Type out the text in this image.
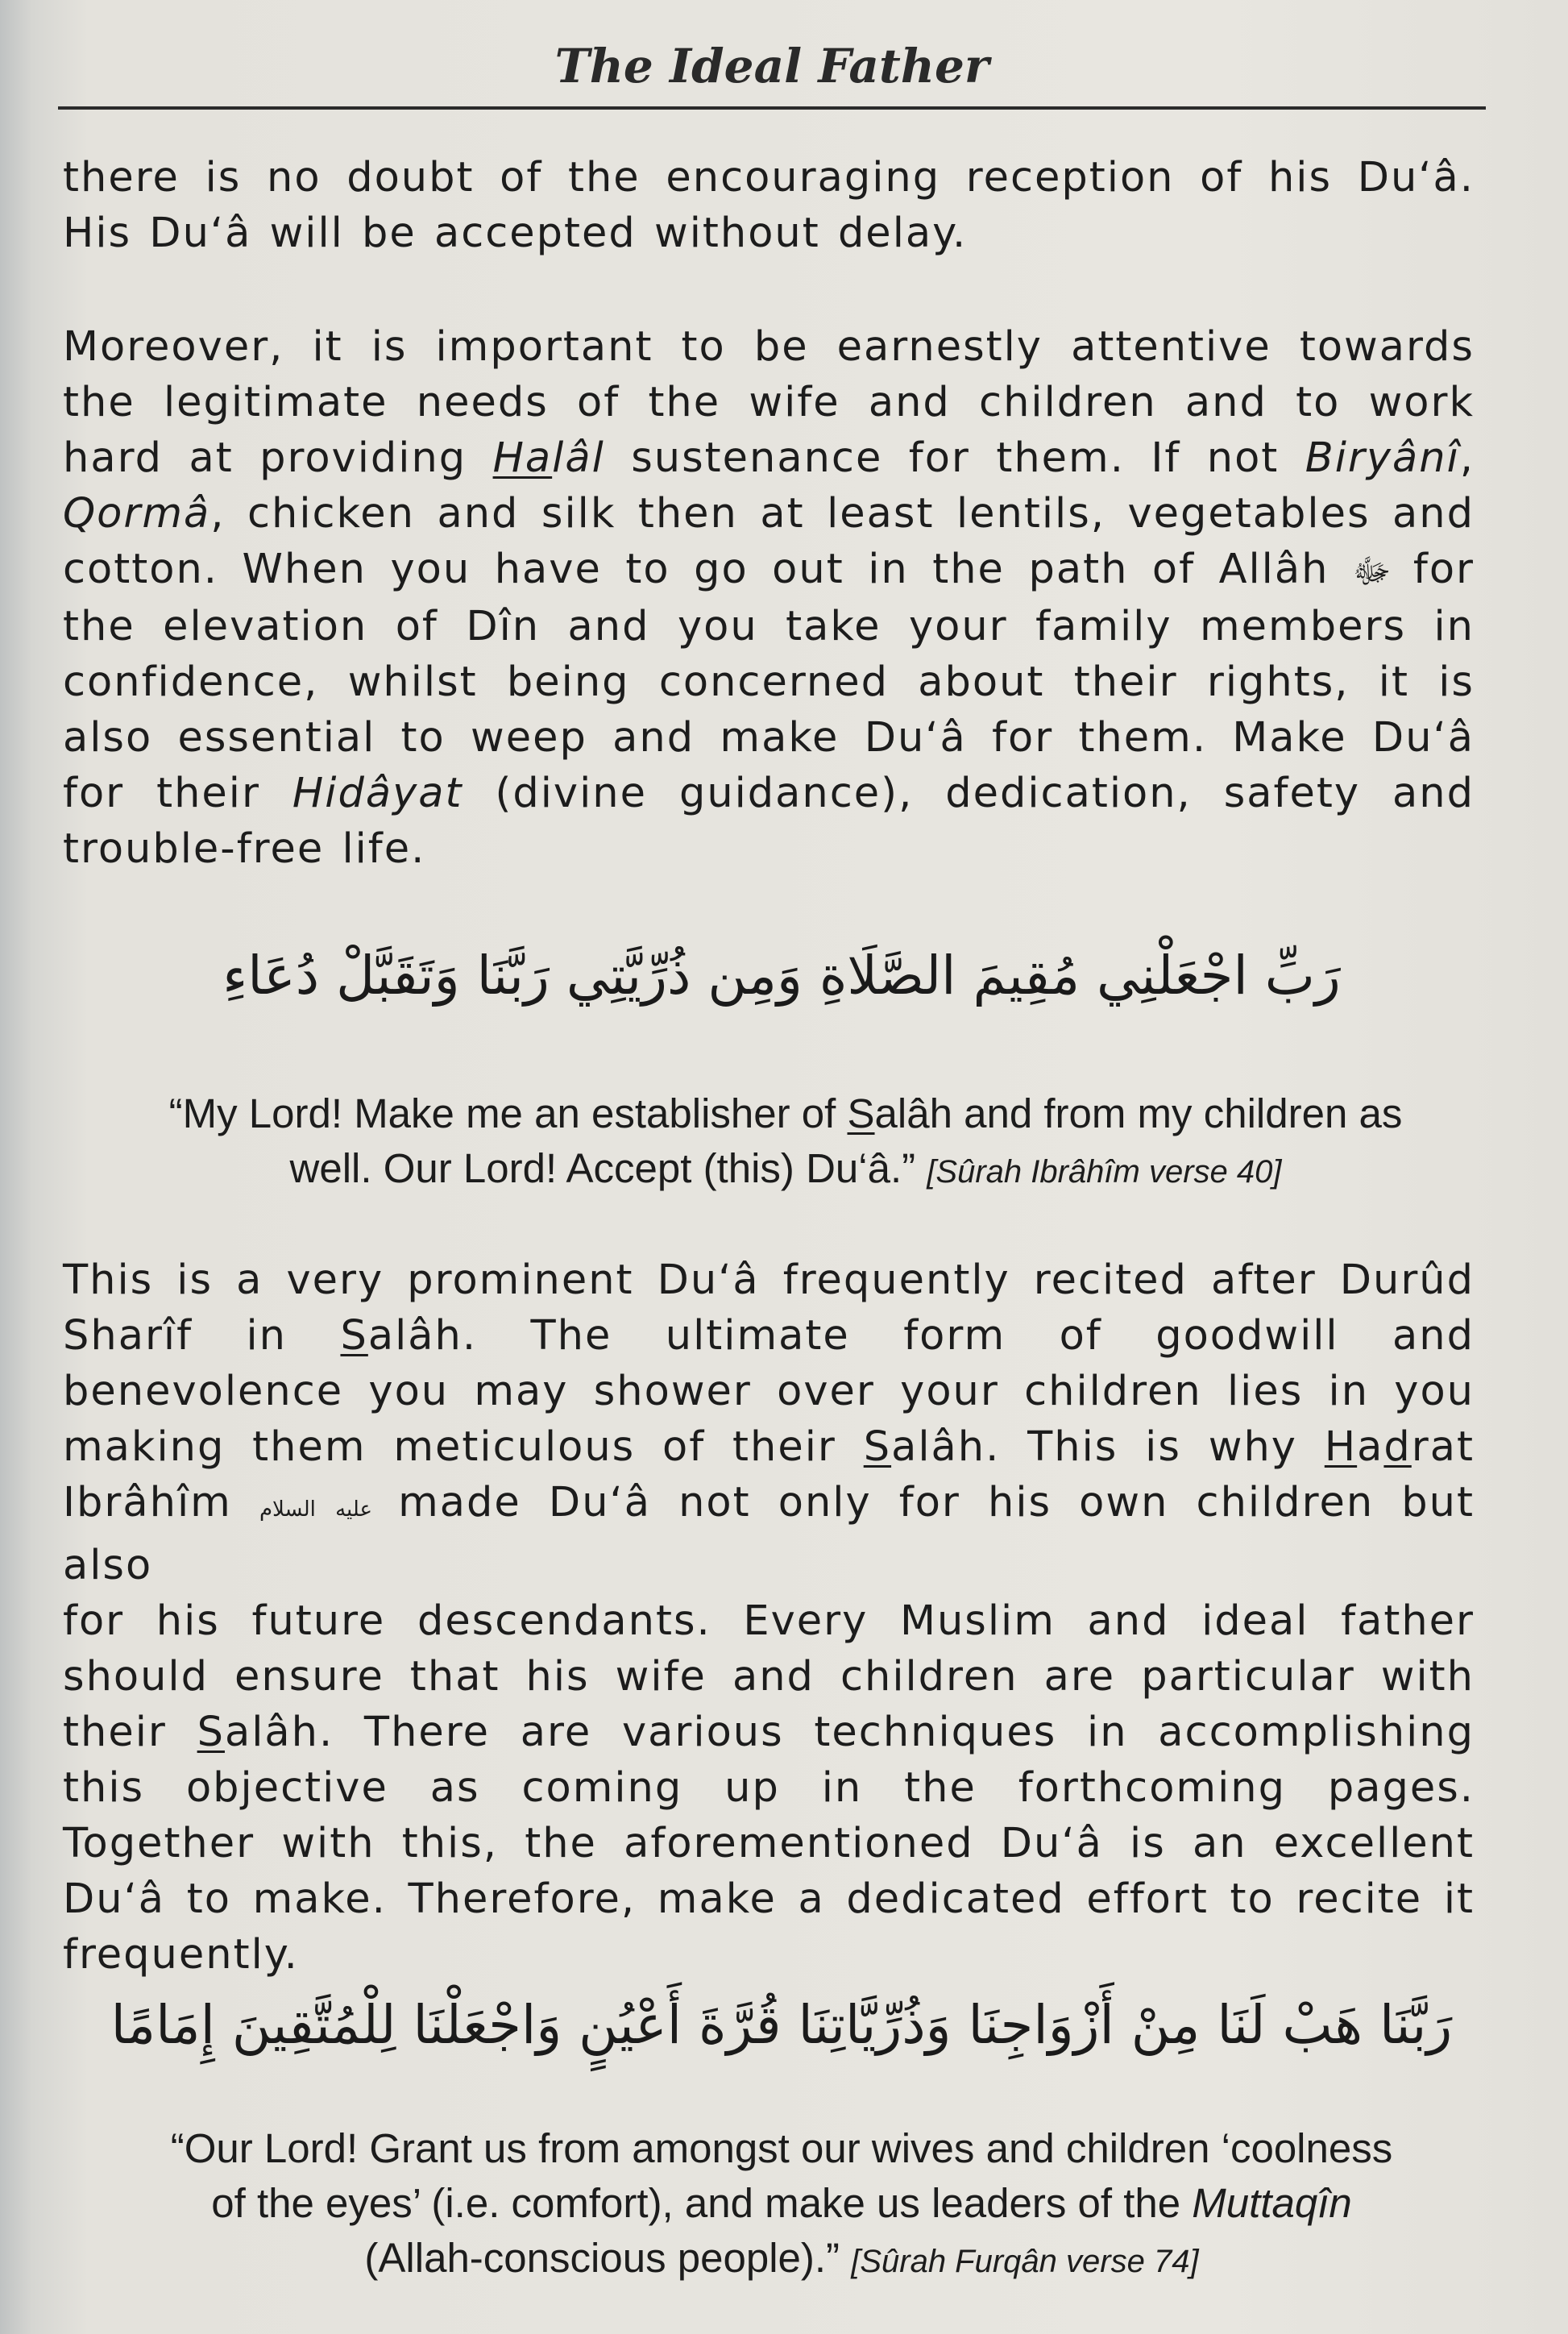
The Ideal Father
there is no doubt of the encouraging reception of his Du‘â.
His Du‘â will be accepted without delay.
Moreover, it is important to be earnestly attentive towards
the legitimate needs of the wife and children and to work
hard at providing Halâl sustenance for them. If not Biryânî,
Qormâ, chicken and silk then at least lentils, vegetables and
cotton. When you have to go out in the path of Allâh ﷻ for
the elevation of Dîn and you take your family members in
confidence, whilst being concerned about their rights, it is
also essential to weep and make Du‘â for them. Make Du‘â
for their Hidâyat (divine guidance), dedication, safety and
trouble-free life.
رَبِّ اجْعَلْنِي مُقِيمَ الصَّلَاةِ وَمِن ذُرِّيَّتِي رَبَّنَا وَتَقَبَّلْ دُعَاءِ
“My Lord! Make me an establisher of Salâh and from my children as
well. Our Lord! Accept (this) Du‘â.” [Sûrah Ibrâhîm verse 40]
This is a very prominent Du‘â frequently recited after Durûd
Sharîf in Salâh. The ultimate form of goodwill and
benevolence you may shower over your children lies in you
making them meticulous of their Salâh. This is why Hadrat
Ibrâhîm عليه السلام made Du‘â not only for his own children but also
for his future descendants. Every Muslim and ideal father
should ensure that his wife and children are particular with
their Salâh. There are various techniques in accomplishing
this objective as coming up in the forthcoming pages.
Together with this, the aforementioned Du‘â is an excellent
Du‘â to make. Therefore, make a dedicated effort to recite it
frequently.
رَبَّنَا هَبْ لَنَا مِنْ أَزْوَاجِنَا وَذُرِّيَّاتِنَا قُرَّةَ أَعْيُنٍ وَاجْعَلْنَا لِلْمُتَّقِينَ إِمَامًا
“Our Lord! Grant us from amongst our wives and children ‘coolness
of the eyes’ (i.e. comfort), and make us leaders of the Muttaqîn
(Allah-conscious people).” [Sûrah Furqân verse 74]
